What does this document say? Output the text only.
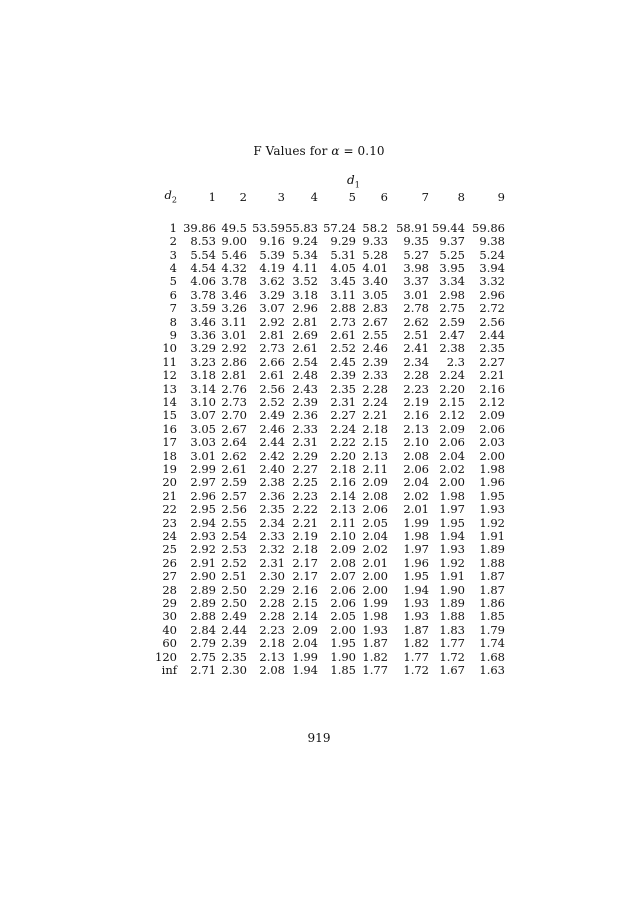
F Values for α = 0.10
$d_1$
$d_2$	1	2	3	4	5	6	7	8	9

1	39.86	49.5	53.59	55.83	57.24	58.2	58.91	59.44	59.86
2	8.53	9.00	9.16	9.24	9.29	9.33	9.35	9.37	9.38
3	5.54	5.46	5.39	5.34	5.31	5.28	5.27	5.25	5.24
4	4.54	4.32	4.19	4.11	4.05	4.01	3.98	3.95	3.94
5	4.06	3.78	3.62	3.52	3.45	3.40	3.37	3.34	3.32
6	3.78	3.46	3.29	3.18	3.11	3.05	3.01	2.98	2.96
7	3.59	3.26	3.07	2.96	2.88	2.83	2.78	2.75	2.72
8	3.46	3.11	2.92	2.81	2.73	2.67	2.62	2.59	2.56
9	3.36	3.01	2.81	2.69	2.61	2.55	2.51	2.47	2.44
10	3.29	2.92	2.73	2.61	2.52	2.46	2.41	2.38	2.35
11	3.23	2.86	2.66	2.54	2.45	2.39	2.34	2.3	2.27
12	3.18	2.81	2.61	2.48	2.39	2.33	2.28	2.24	2.21
13	3.14	2.76	2.56	2.43	2.35	2.28	2.23	2.20	2.16
14	3.10	2.73	2.52	2.39	2.31	2.24	2.19	2.15	2.12
15	3.07	2.70	2.49	2.36	2.27	2.21	2.16	2.12	2.09
16	3.05	2.67	2.46	2.33	2.24	2.18	2.13	2.09	2.06
17	3.03	2.64	2.44	2.31	2.22	2.15	2.10	2.06	2.03
18	3.01	2.62	2.42	2.29	2.20	2.13	2.08	2.04	2.00
19	2.99	2.61	2.40	2.27	2.18	2.11	2.06	2.02	1.98
20	2.97	2.59	2.38	2.25	2.16	2.09	2.04	2.00	1.96
21	2.96	2.57	2.36	2.23	2.14	2.08	2.02	1.98	1.95
22	2.95	2.56	2.35	2.22	2.13	2.06	2.01	1.97	1.93
23	2.94	2.55	2.34	2.21	2.11	2.05	1.99	1.95	1.92
24	2.93	2.54	2.33	2.19	2.10	2.04	1.98	1.94	1.91
25	2.92	2.53	2.32	2.18	2.09	2.02	1.97	1.93	1.89
26	2.91	2.52	2.31	2.17	2.08	2.01	1.96	1.92	1.88
27	2.90	2.51	2.30	2.17	2.07	2.00	1.95	1.91	1.87
28	2.89	2.50	2.29	2.16	2.06	2.00	1.94	1.90	1.87
29	2.89	2.50	2.28	2.15	2.06	1.99	1.93	1.89	1.86
30	2.88	2.49	2.28	2.14	2.05	1.98	1.93	1.88	1.85
40	2.84	2.44	2.23	2.09	2.00	1.93	1.87	1.83	1.79
60	2.79	2.39	2.18	2.04	1.95	1.87	1.82	1.77	1.74
120	2.75	2.35	2.13	1.99	1.90	1.82	1.77	1.72	1.68
inf	2.71	2.30	2.08	1.94	1.85	1.77	1.72	1.67	1.63
919
